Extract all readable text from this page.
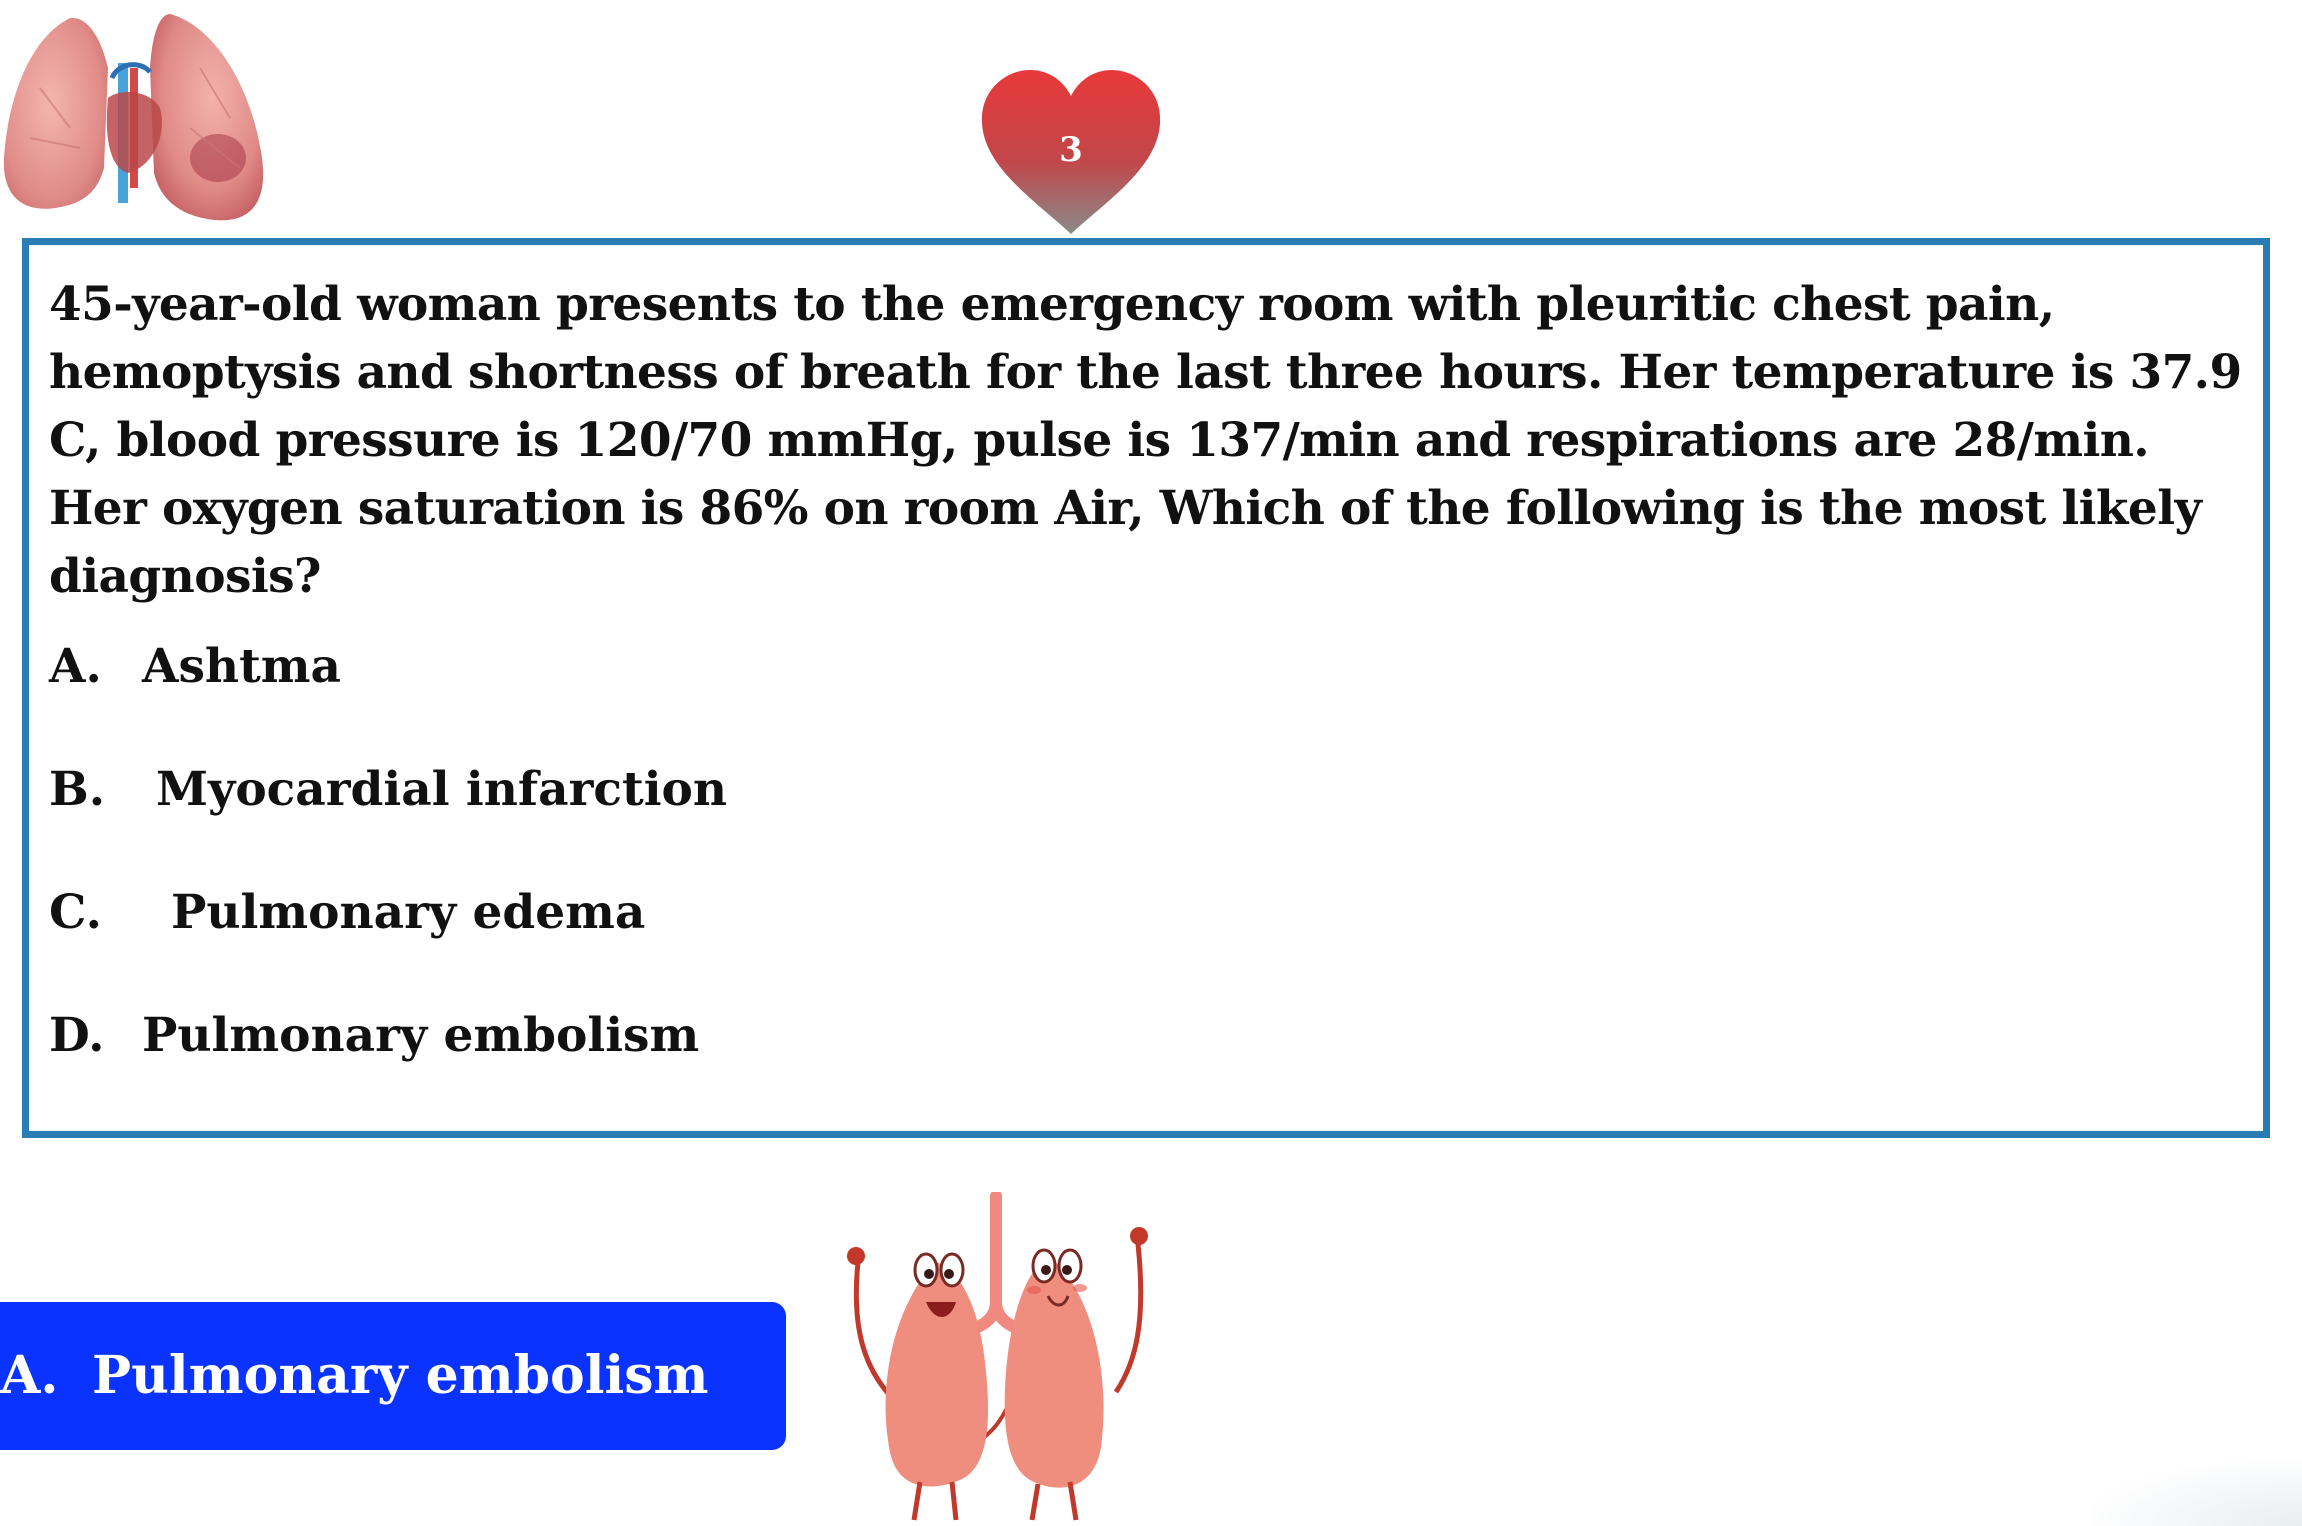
3

45-year-old woman presents to the emergency room with pleuritic chest pain, hemoptysis and shortness of breath for the last three hours. Her temperature is 37.9 C, blood pressure is 120/70 mmHg, pulse is 137/min and respirations are 28/min. Her oxygen saturation is 86% on room Air, Which of the following is the most likely diagnosis?

A. Ashtma
B. Myocardial infarction
C. Pulmonary edema
D. Pulmonary embolism
A. Pulmonary embolism
